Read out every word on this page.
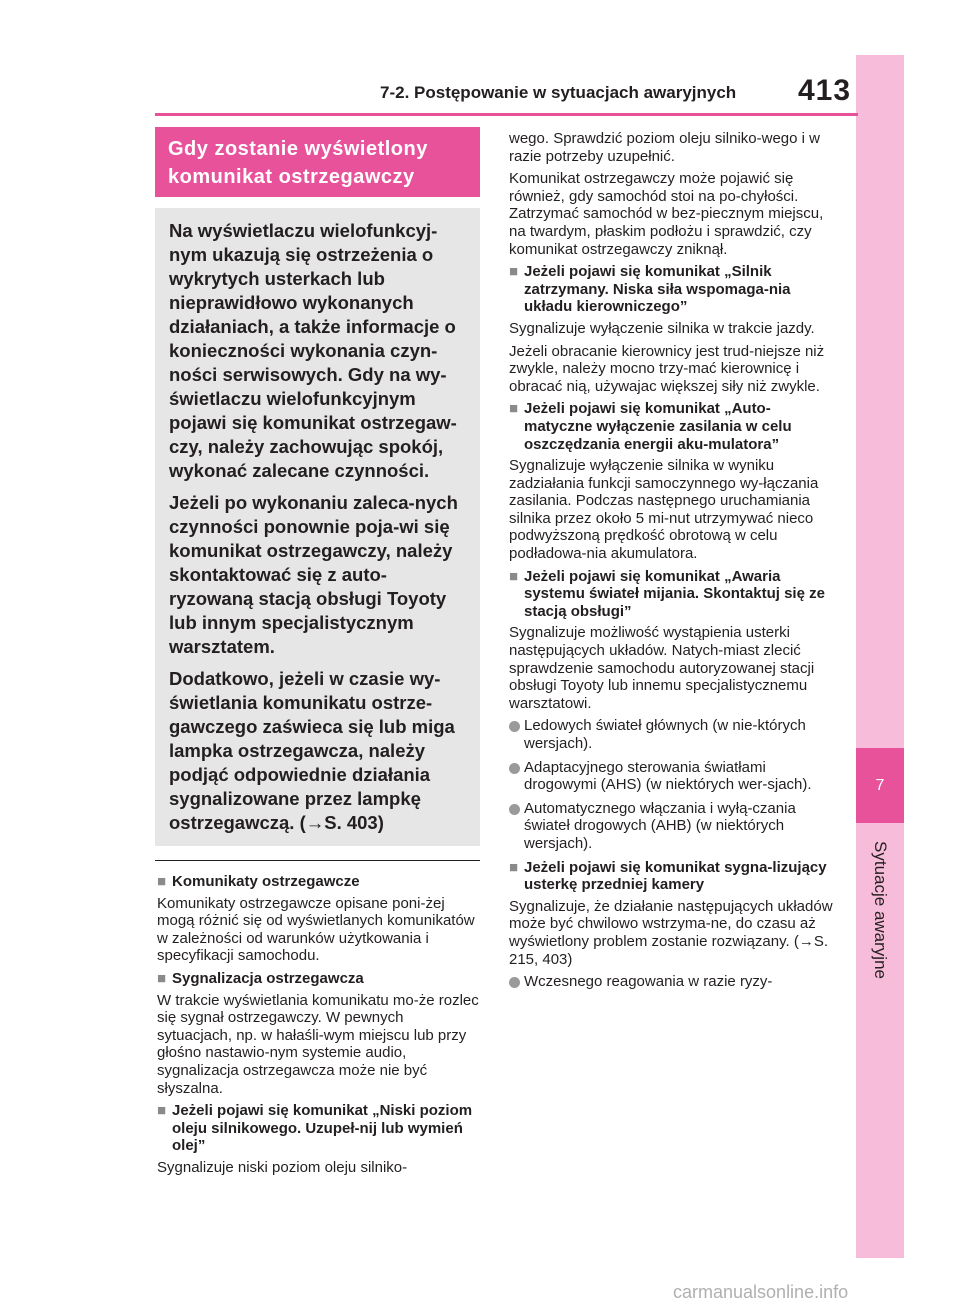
7
Sytuacje awaryjne
7-2. Postępowanie w sytuacjach awaryjnych 413
Gdy zostanie wyświetlony
komunikat ostrzegawczy

Na wyświetlaczu wielofunkcyj-nym ukazują się ostrzeżenia o wykrytych usterkach lub nieprawidłowo wykonanych działaniach, a także informacje o konieczności wykonania czyn-ności serwisowych. Gdy na wy-świetlaczu wielofunkcyjnym pojawi się komunikat ostrzegaw-czy, należy zachowując spokój, wykonać zalecane czynności.

Jeżeli po wykonaniu zaleca-nych czynności ponownie poja-wi się komunikat ostrzegawczy, należy skontaktować się z auto-ryzowaną stacją obsługi Toyoty lub innym specjalistycznym warsztatem.

Dodatkowo, jeżeli w czasie wy-świetlania komunikatu ostrze-gawczego zaświeca się lub miga lampka ostrzegawcza, należy podjąć odpowiednie działania sygnalizowane przez lampkę ostrzegawczą. (→S. 403)

■ Komunikaty ostrzegawcze

Komunikaty ostrzegawcze opisane poni-żej mogą różnić się od wyświetlanych komunikatów w zależności od warunków użytkowania i specyfikacji samochodu.

■ Sygnalizacja ostrzegawcza

W trakcie wyświetlania komunikatu mo-że rozlec się sygnał ostrzegawczy. W pewnych sytuacjach, np. w hałaśli-wym miejscu lub przy głośno nastawio-nym systemie audio, sygnalizacja ostrzegawcza może nie być słyszalna.

■ Jeżeli pojawi się komunikat „Niski poziom oleju silnikowego. Uzupeł-nij lub wymień olej”

Sygnalizuje niski poziom oleju silniko-

wego. Sprawdzić poziom oleju silniko-wego i w razie potrzeby uzupełnić.

Komunikat ostrzegawczy może pojawić się również, gdy samochód stoi na po-chyłości. Zatrzymać samochód w bez-piecznym miejscu, na twardym, płaskim podłożu i sprawdzić, czy komunikat ostrzegawczy zniknął.

■ Jeżeli pojawi się komunikat „Silnik zatrzymany. Niska siła wspomaga-nia układu kierowniczego”

Sygnalizuje wyłączenie silnika w trakcie jazdy.

Jeżeli obracanie kierownicy jest trud-niejsze niż zwykle, należy mocno trzy-mać kierownicę i obracać nią, używajac większej siły niż zwykle.

■ Jeżeli pojawi się komunikat „Auto-matyczne wyłączenie zasilania w celu oszczędzania energii aku-mulatora”

Sygnalizuje wyłączenie silnika w wyniku zadziałania funkcji samoczynnego wy-łączania zasilania. Podczas następnego uruchamiania silnika przez około 5 mi-nut utrzymywać nieco podwyższoną prędkość obrotową w celu podładowa-nia akumulatora.

■ Jeżeli pojawi się komunikat „Awaria systemu świateł mijania. Skontaktuj się ze stacją obsługi”

Sygnalizuje możliwość wystąpienia usterki następujących układów. Natych-miast zlecić sprawdzenie samochodu autoryzowanej stacji obsługi Toyoty lub innemu specjalistycznemu warsztatowi.

Ledowych świateł głównych (w nie-których wersjach).
Adaptacyjnego sterowania światłami drogowymi (AHS) (w niektórych wer-sjach).
Automatycznego włączania i wyłą-czania świateł drogowych (AHB) (w niektórych wersjach).
■ Jeżeli pojawi się komunikat sygna-lizujący usterkę przedniej kamery

Sygnalizuje, że działanie następujących układów może być chwilowo wstrzyma-ne, do czasu aż wyświetlony problem zostanie rozwiązany. (→S. 215, 403)

Wczesnego reagowania w razie ryzy-
carmanualsonline.info
